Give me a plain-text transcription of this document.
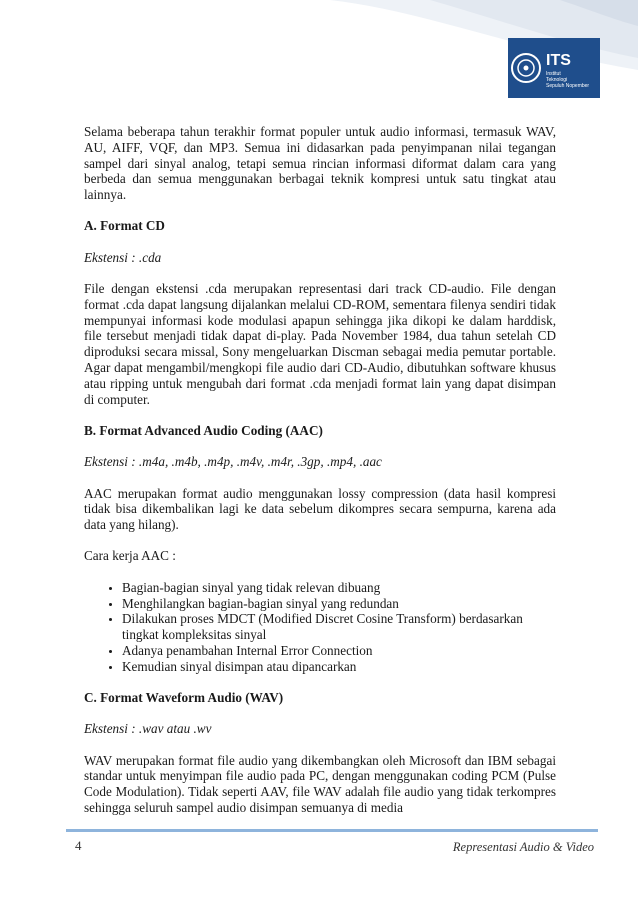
ITS
Institut
Teknologi
Sepuluh Nopember

Selama beberapa tahun terakhir format populer untuk audio informasi, termasuk WAV, AU, AIFF, VQF, dan MP3. Semua ini didasarkan pada penyimpanan nilai tegangan sampel dari sinyal analog, tetapi semua rincian informasi diformat dalam cara yang berbeda dan semua menggunakan berbagai teknik kompresi untuk satu tingkat atau lainnya.

A. Format CD

Ekstensi : .cda

File dengan ekstensi .cda merupakan representasi dari track CD-audio. File dengan format .cda dapat langsung dijalankan melalui CD-ROM, sementara filenya sendiri tidak mempunyai informasi kode modulasi apapun sehingga jika dikopi ke dalam harddisk, file tersebut menjadi tidak dapat di-play. Pada November 1984, dua tahun setelah CD diproduksi secara missal, Sony mengeluarkan Discman sebagai media pemutar portable. Agar dapat mengambil/mengkopi file audio dari CD-Audio, dibutuhkan software khusus atau ripping untuk mengubah dari format .cda menjadi format lain yang dapat disimpan di computer.

B. Format Advanced Audio Coding (AAC)

Ekstensi : .m4a, .m4b, .m4p, .m4v, .m4r, .3gp, .mp4, .aac

AAC merupakan format audio menggunakan lossy compression (data hasil kompresi tidak bisa dikembalikan lagi ke data sebelum dikompres secara sempurna, karena ada data yang hilang).

Cara kerja AAC :

• Bagian-bagian sinyal yang tidak relevan dibuang
• Menghilangkan bagian-bagian sinyal yang redundan
• Dilakukan proses MDCT (Modified Discret Cosine Transform) berdasarkan tingkat kompleksitas sinyal
• Adanya penambahan Internal Error Connection
• Kemudian sinyal disimpan atau dipancarkan
C. Format Waveform Audio (WAV)

Ekstensi : .wav atau .wv

WAV merupakan format file audio yang dikembangkan oleh Microsoft dan IBM sebagai standar untuk menyimpan file audio pada PC, dengan menggunakan coding PCM (Pulse Code Modulation). Tidak seperti AAV, file WAV adalah file audio yang tidak terkompres sehingga seluruh sampel audio disimpan semuanya di media

4	Representasi Audio & Video
